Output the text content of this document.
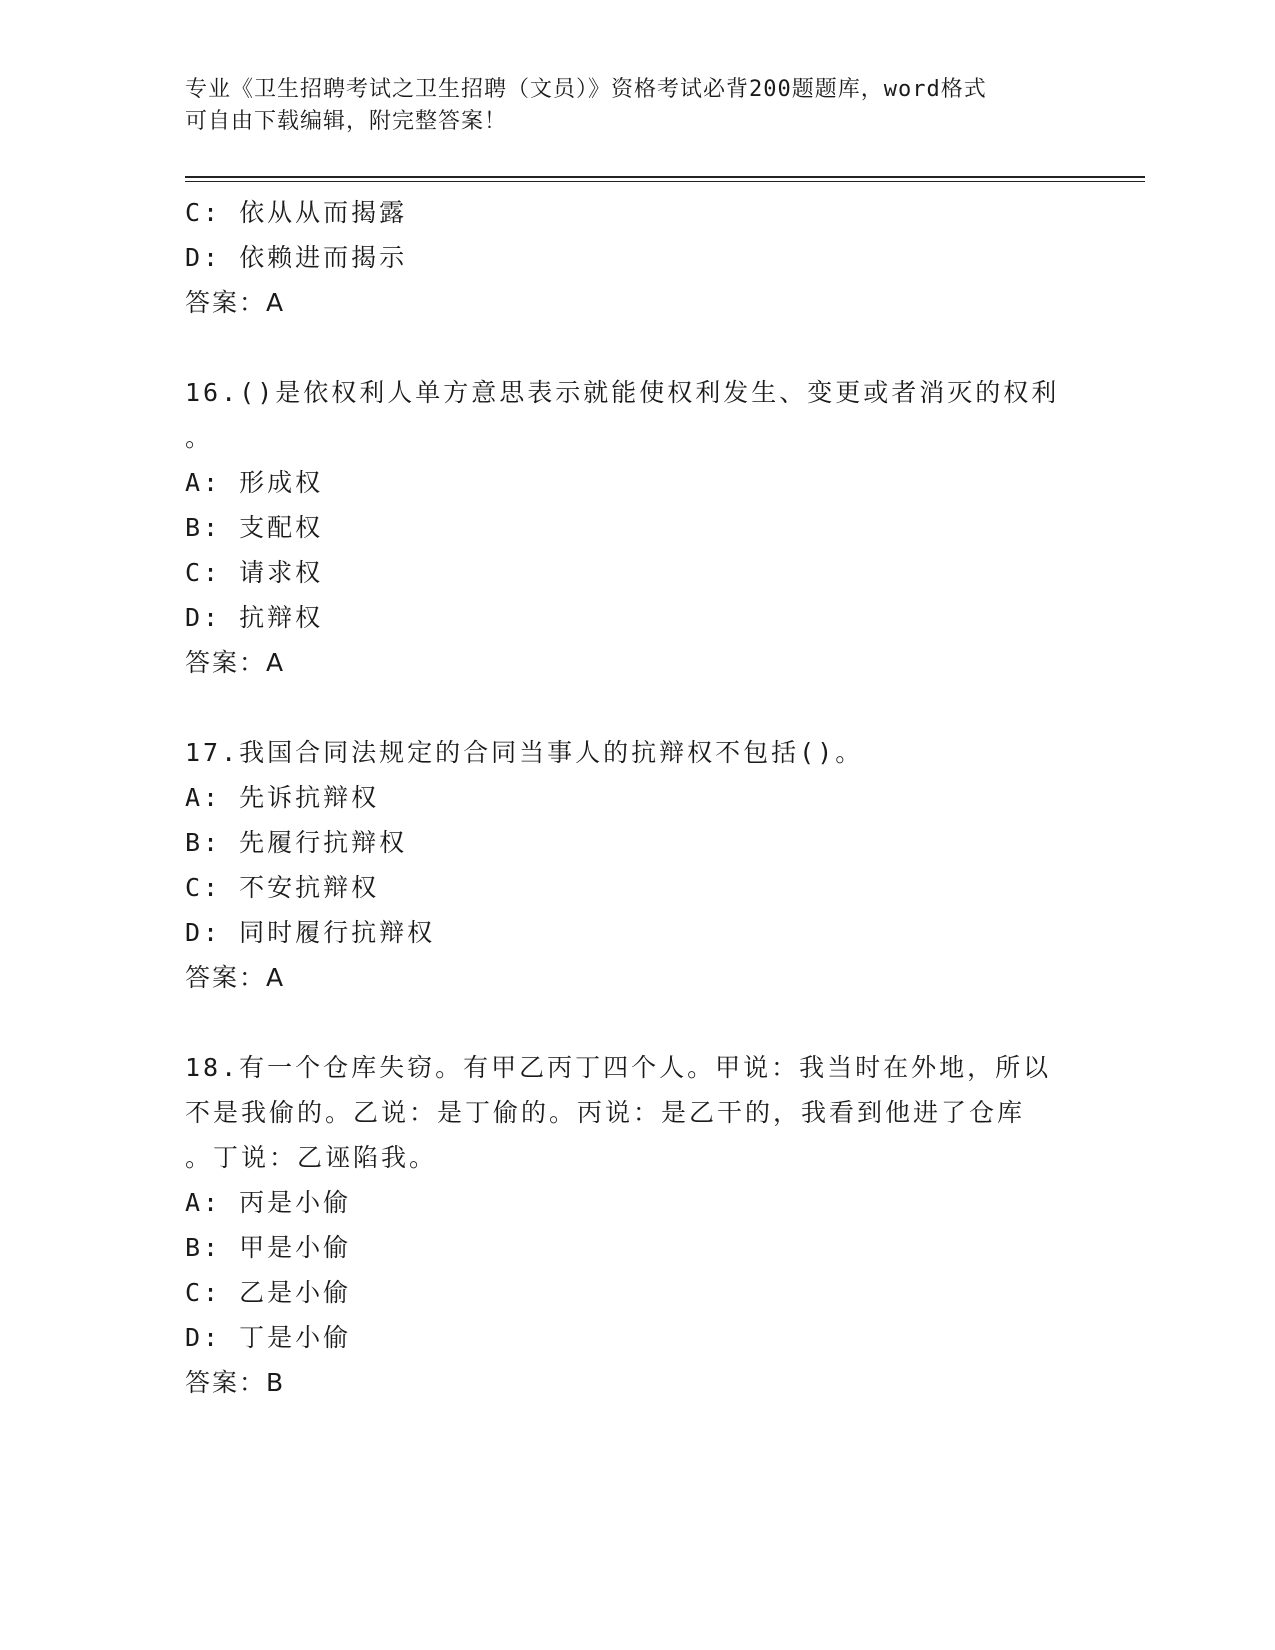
专业《卫生招聘考试之卫生招聘（文员）》资格考试必背200题题库，word格式
可自由下载编辑，附完整答案！
C: 依从从而揭露
D: 依赖进而揭示
答案：A
16.()是依权利人单方意思表示就能使权利发生、变更或者消灭的权利
。
A: 形成权
B: 支配权
C: 请求权
D: 抗辩权
答案：A
17.我国合同法规定的合同当事人的抗辩权不包括()。
A: 先诉抗辩权
B: 先履行抗辩权
C: 不安抗辩权
D: 同时履行抗辩权
答案：A
18.有一个仓库失窃。有甲乙丙丁四个人。甲说：我当时在外地，所以
不是我偷的。乙说：是丁偷的。丙说：是乙干的，我看到他进了仓库
。丁说：乙诬陷我。
A: 丙是小偷
B: 甲是小偷
C: 乙是小偷
D: 丁是小偷
答案：B
